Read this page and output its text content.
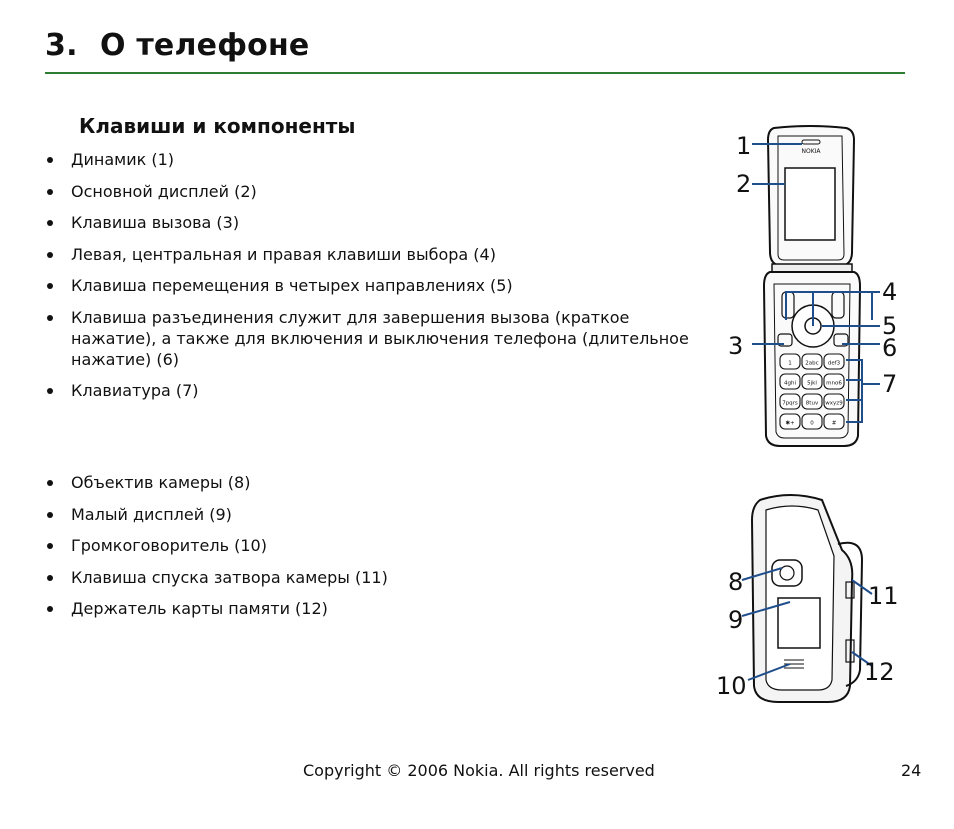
3. О телефоне
Клавиши и компоненты
Динамик (1)
Основной дисплей (2)
Клавиша вызова (3)
Левая, центральная и правая клавиши выбора (4)
Клавиша перемещения в четырех направлениях (5)
Клавиша разъединения служит для завершения вызова (краткое нажатие), а также для включения и выключения телефона (длительное нажатие) (6)
Клавиатура (7)
Объектив камеры (8)
Малый дисплей (9)
Громкоговоритель (10)
Клавиша спуска затвора камеры (11)
Держатель карты памяти (12)
NOKIA
1 2abc def3
4ghi 5jkl mno6
7pqrs 8tuv wxyz9
✱+	0	#
1
2
3
4
5
6
7
8
9
10
11
12
Copyright © 2006 Nokia. All rights reserved	24
